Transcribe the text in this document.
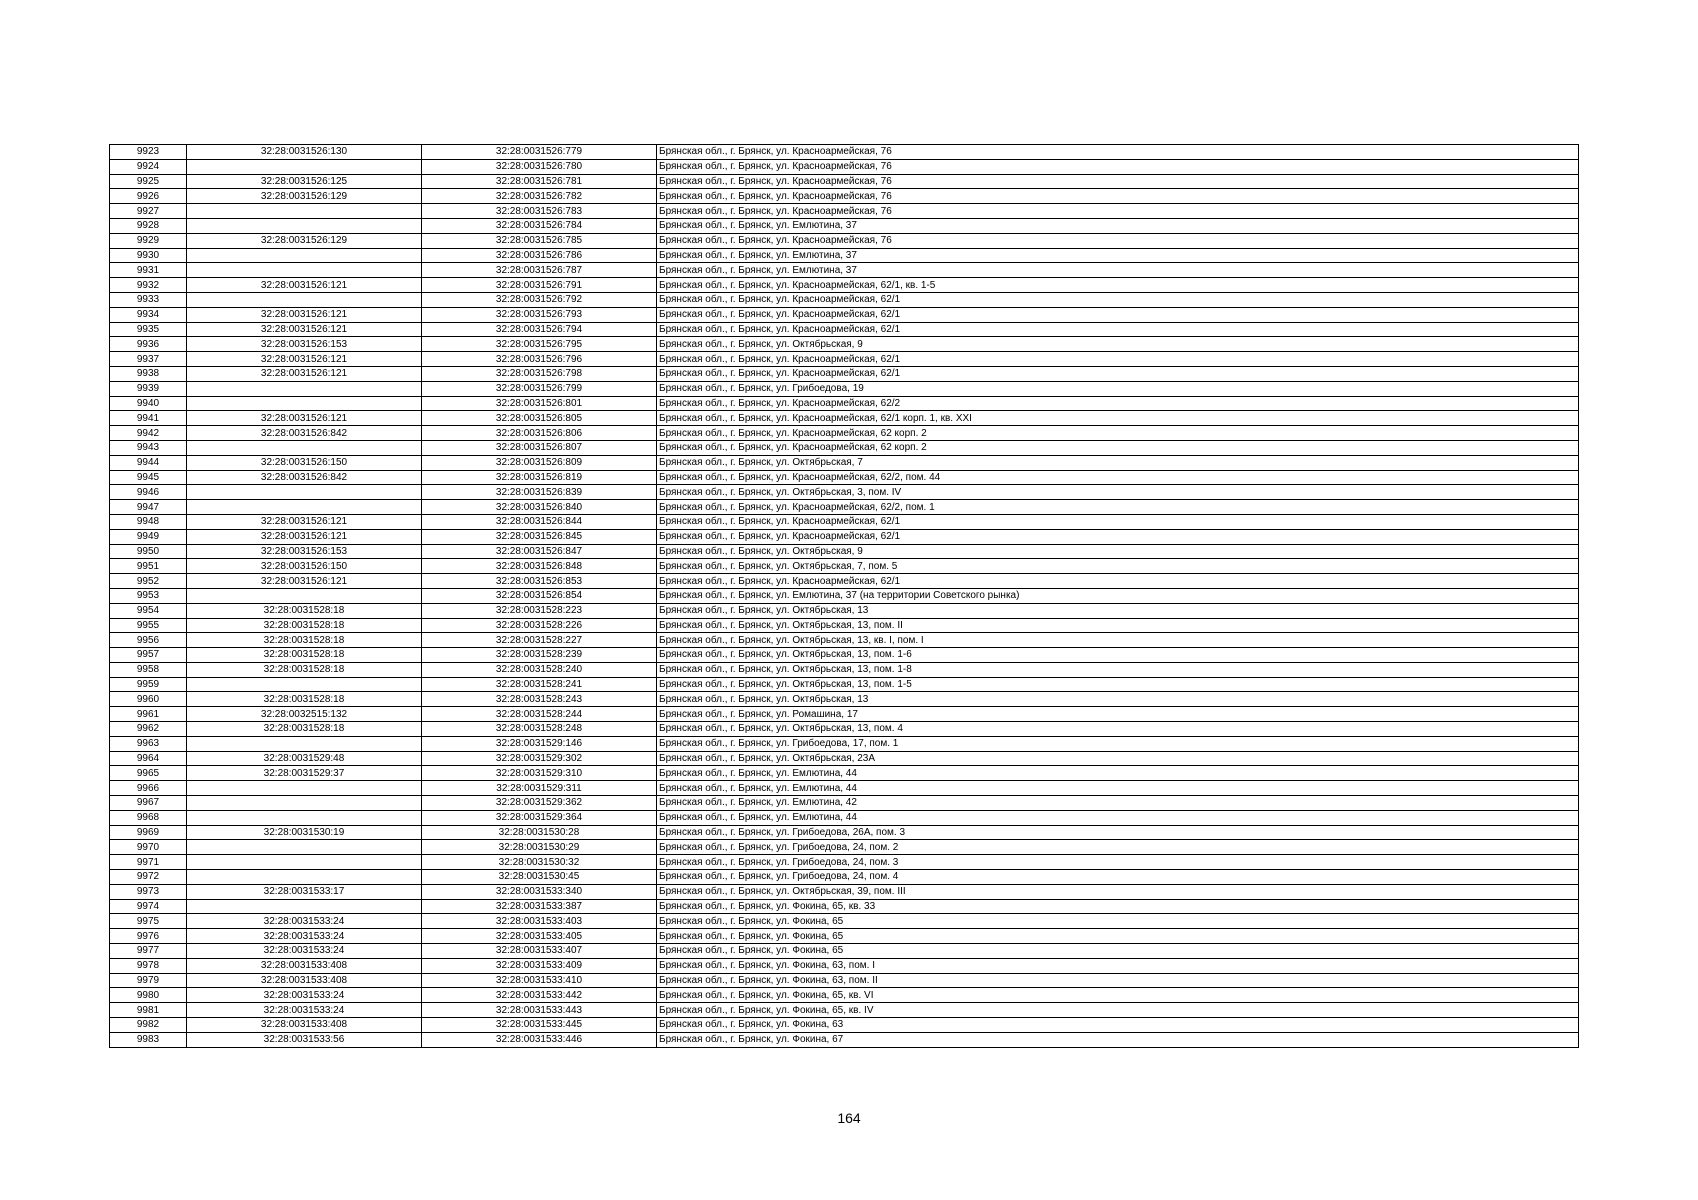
9923	32:28:0031526:130	32:28:0031526:779	Брянская обл., г. Брянск, ул. Красноармейская, 76
9924		32:28:0031526:780	Брянская обл., г. Брянск, ул. Красноармейская, 76
9925	32:28:0031526:125	32:28:0031526:781	Брянская обл., г. Брянск, ул. Красноармейская, 76
9926	32:28:0031526:129	32:28:0031526:782	Брянская обл., г. Брянск, ул. Красноармейская, 76
9927		32:28:0031526:783	Брянская обл., г. Брянск, ул. Красноармейская, 76
9928		32:28:0031526:784	Брянская обл., г. Брянск, ул. Емлютина, 37
9929	32:28:0031526:129	32:28:0031526:785	Брянская обл., г. Брянск, ул. Красноармейская, 76
9930		32:28:0031526:786	Брянская обл., г. Брянск, ул. Емлютина, 37
9931		32:28:0031526:787	Брянская обл., г. Брянск, ул. Емлютина, 37
9932	32:28:0031526:121	32:28:0031526:791	Брянская обл., г. Брянск, ул. Красноармейская, 62/1, кв. 1-5
9933		32:28:0031526:792	Брянская обл., г. Брянск, ул. Красноармейская, 62/1
9934	32:28:0031526:121	32:28:0031526:793	Брянская обл., г. Брянск, ул. Красноармейская, 62/1
9935	32:28:0031526:121	32:28:0031526:794	Брянская обл., г. Брянск, ул. Красноармейская, 62/1
9936	32:28:0031526:153	32:28:0031526:795	Брянская обл., г. Брянск, ул. Октябрьская, 9
9937	32:28:0031526:121	32:28:0031526:796	Брянская обл., г. Брянск, ул. Красноармейская, 62/1
9938	32:28:0031526:121	32:28:0031526:798	Брянская обл., г. Брянск, ул. Красноармейская, 62/1
9939		32:28:0031526:799	Брянская обл., г. Брянск, ул. Грибоедова, 19
9940		32:28:0031526:801	Брянская обл., г. Брянск, ул. Красноармейская, 62/2
9941	32:28:0031526:121	32:28:0031526:805	Брянская обл., г. Брянск, ул. Красноармейская, 62/1 корп. 1, кв. XXI
9942	32:28:0031526:842	32:28:0031526:806	Брянская обл., г. Брянск, ул. Красноармейская, 62 корп. 2
9943		32:28:0031526:807	Брянская обл., г. Брянск, ул. Красноармейская, 62 корп. 2
9944	32:28:0031526:150	32:28:0031526:809	Брянская обл., г. Брянск, ул. Октябрьская, 7
9945	32:28:0031526:842	32:28:0031526:819	Брянская обл., г. Брянск, ул. Красноармейская, 62/2, пом. 44
9946		32:28:0031526:839	Брянская обл., г. Брянск, ул. Октябрьская, 3, пом. IV
9947		32:28:0031526:840	Брянская обл., г. Брянск, ул. Красноармейская, 62/2, пом. 1
9948	32:28:0031526:121	32:28:0031526:844	Брянская обл., г. Брянск, ул. Красноармейская, 62/1
9949	32:28:0031526:121	32:28:0031526:845	Брянская обл., г. Брянск, ул. Красноармейская, 62/1
9950	32:28:0031526:153	32:28:0031526:847	Брянская обл., г. Брянск, ул. Октябрьская, 9
9951	32:28:0031526:150	32:28:0031526:848	Брянская обл., г. Брянск, ул. Октябрьская, 7, пом. 5
9952	32:28:0031526:121	32:28:0031526:853	Брянская обл., г. Брянск, ул. Красноармейская, 62/1
9953		32:28:0031526:854	Брянская обл., г. Брянск, ул. Емлютина, 37 (на территории Советского рынка)
9954	32:28:0031528:18	32:28:0031528:223	Брянская обл., г. Брянск, ул. Октябрьская, 13
9955	32:28:0031528:18	32:28:0031528:226	Брянская обл., г. Брянск, ул. Октябрьская, 13, пом. II
9956	32:28:0031528:18	32:28:0031528:227	Брянская обл., г. Брянск, ул. Октябрьская, 13, кв. I, пом. I
9957	32:28:0031528:18	32:28:0031528:239	Брянская обл., г. Брянск, ул. Октябрьская, 13, пом. 1-6
9958	32:28:0031528:18	32:28:0031528:240	Брянская обл., г. Брянск, ул. Октябрьская, 13, пом. 1-8
9959		32:28:0031528:241	Брянская обл., г. Брянск, ул. Октябрьская, 13, пом. 1-5
9960	32:28:0031528:18	32:28:0031528:243	Брянская обл., г. Брянск, ул. Октябрьская, 13
9961	32:28:0032515:132	32:28:0031528:244	Брянская обл., г. Брянск, ул. Ромашина, 17
9962	32:28:0031528:18	32:28:0031528:248	Брянская обл., г. Брянск, ул. Октябрьская, 13, пом. 4
9963		32:28:0031529:146	Брянская обл., г. Брянск, ул. Грибоедова, 17, пом. 1
9964	32:28:0031529:48	32:28:0031529:302	Брянская обл., г. Брянск, ул. Октябрьская, 23А
9965	32:28:0031529:37	32:28:0031529:310	Брянская обл., г. Брянск, ул. Емлютина, 44
9966		32:28:0031529:311	Брянская обл., г. Брянск, ул. Емлютина, 44
9967		32:28:0031529:362	Брянская обл., г. Брянск, ул. Емлютина, 42
9968		32:28:0031529:364	Брянская обл., г. Брянск, ул. Емлютина, 44
9969	32:28:0031530:19	32:28:0031530:28	Брянская обл., г. Брянск, ул. Грибоедова, 26А, пом. 3
9970		32:28:0031530:29	Брянская обл., г. Брянск, ул. Грибоедова, 24, пом. 2
9971		32:28:0031530:32	Брянская обл., г. Брянск, ул. Грибоедова, 24, пом. 3
9972		32:28:0031530:45	Брянская обл., г. Брянск, ул. Грибоедова, 24, пом. 4
9973	32:28:0031533:17	32:28:0031533:340	Брянская обл., г. Брянск, ул. Октябрьская, 39, пом. III
9974		32:28:0031533:387	Брянская обл., г. Брянск, ул. Фокина, 65, кв. 33
9975	32:28:0031533:24	32:28:0031533:403	Брянская обл., г. Брянск, ул. Фокина, 65
9976	32:28:0031533:24	32:28:0031533:405	Брянская обл., г. Брянск, ул. Фокина, 65
9977	32:28:0031533:24	32:28:0031533:407	Брянская обл., г. Брянск, ул. Фокина, 65
9978	32:28:0031533:408	32:28:0031533:409	Брянская обл., г. Брянск, ул. Фокина, 63, пом. I
9979	32:28:0031533:408	32:28:0031533:410	Брянская обл., г. Брянск, ул. Фокина, 63, пом. II
9980	32:28:0031533:24	32:28:0031533:442	Брянская обл., г. Брянск, ул. Фокина, 65, кв. VI
9981	32:28:0031533:24	32:28:0031533:443	Брянская обл., г. Брянск, ул. Фокина, 65, кв. IV
9982	32:28:0031533:408	32:28:0031533:445	Брянская обл., г. Брянск, ул. Фокина, 63
9983	32:28:0031533:56	32:28:0031533:446	Брянская обл., г. Брянск, ул. Фокина, 67
164
